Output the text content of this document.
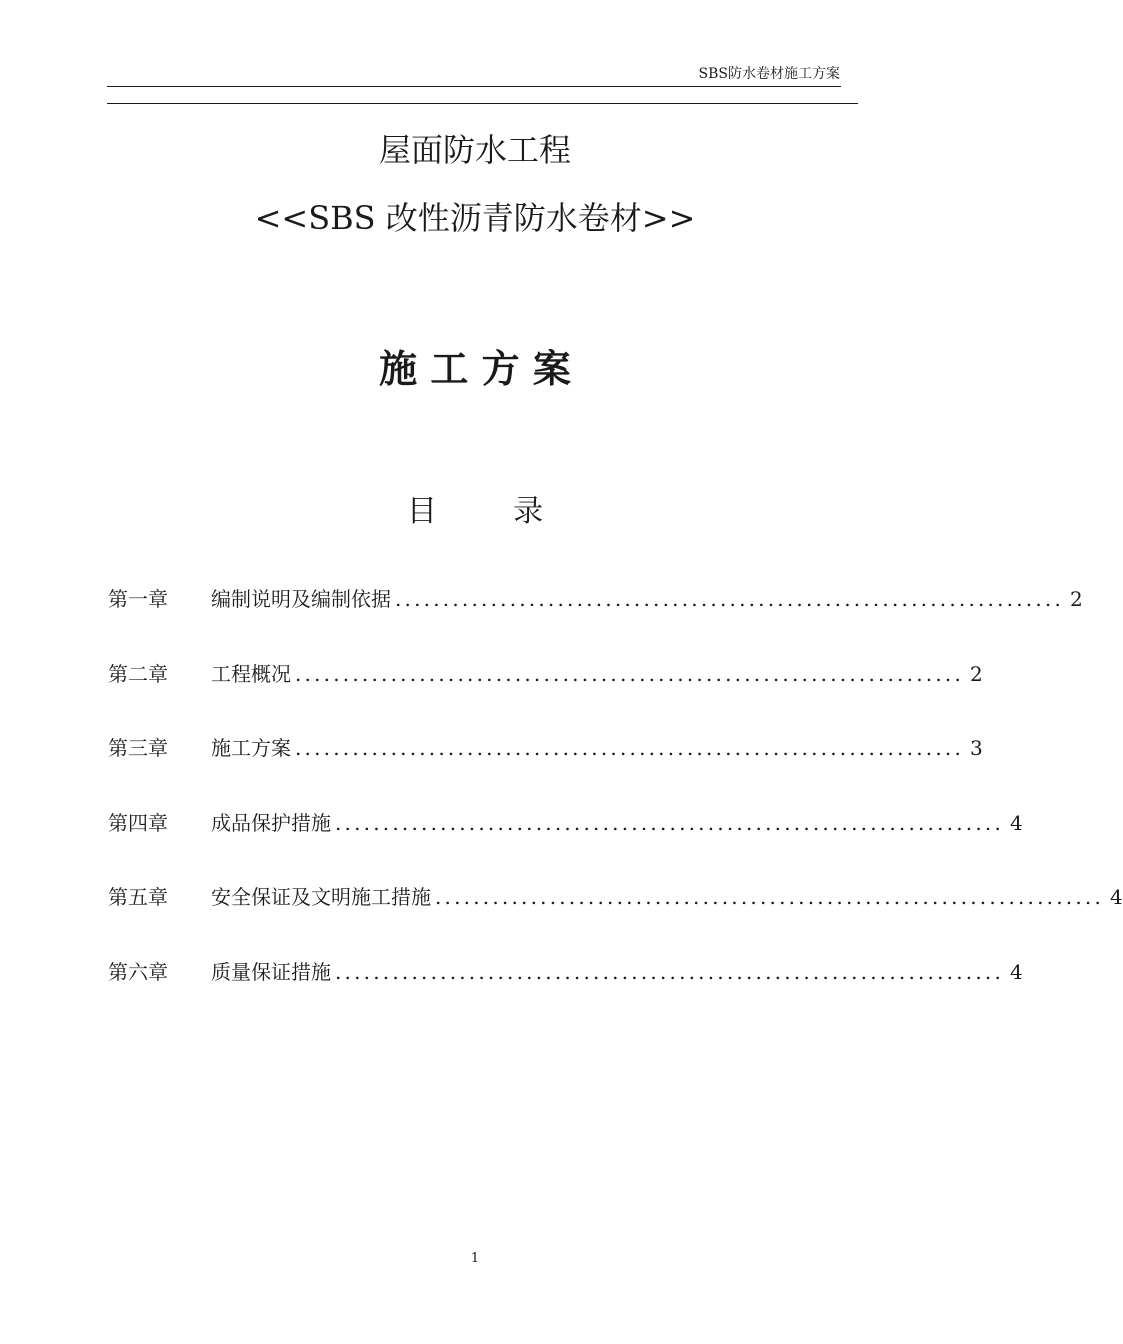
SBS防水卷材施工方案
屋面防水工程
<<SBS 改性沥青防水卷材>>
施 工 方 案
目        录
第一章	编制说明及编制依据 ...................................................................... 2
第二章	工程概况 ...................................................................... 2
第三章	施工方案 ...................................................................... 3
第四章	成品保护措施 ...................................................................... 4
第五章	安全保证及文明施工措施 ...................................................................... 4
第六章	质量保证措施 ...................................................................... 4
1
